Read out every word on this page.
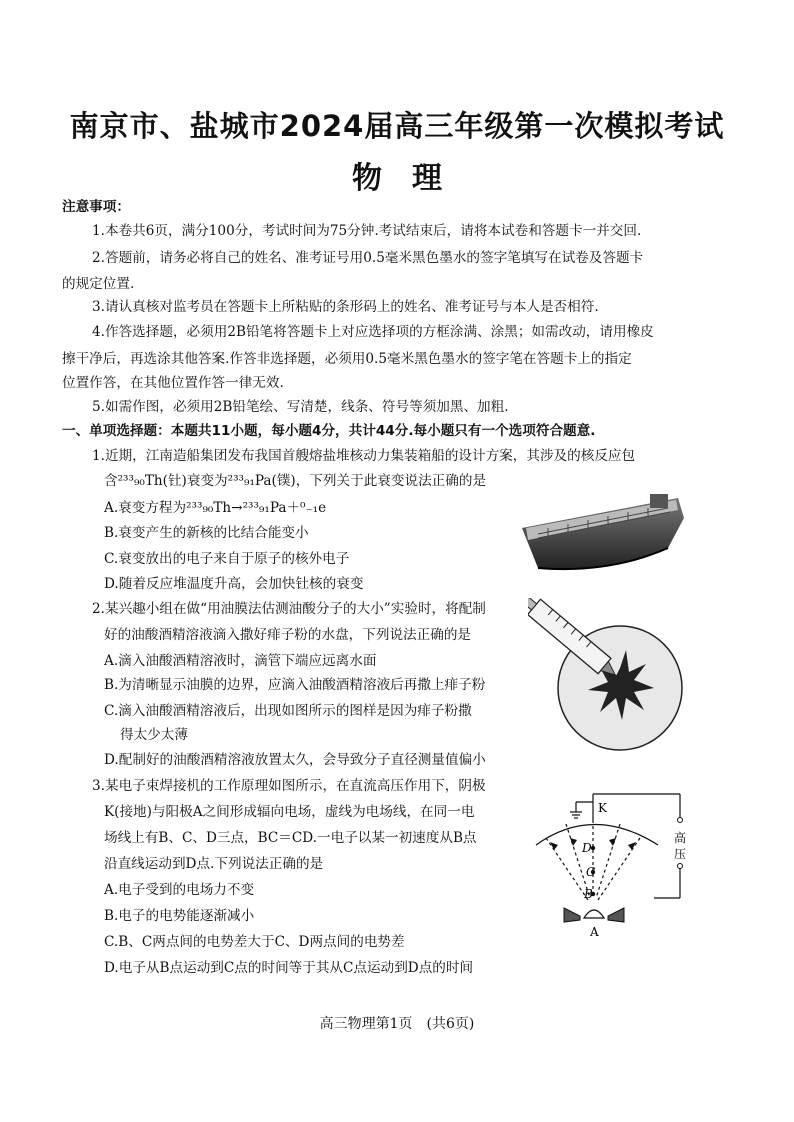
南京市、盐城市2024届高三年级第一次模拟考试
物理
注意事项：
1.本卷共6页，满分100分，考试时间为75分钟.考试结束后，请将本试卷和答题卡一并交回.
2.答题前，请务必将自己的姓名、准考证号用0.5毫米黑色墨水的签字笔填写在试卷及答题卡
的规定位置.
3.请认真核对监考员在答题卡上所粘贴的条形码上的姓名、准考证号与本人是否相符.
4.作答选择题，必须用2B铅笔将答题卡上对应选择项的方框涂满、涂黑；如需改动，请用橡皮
擦干净后，再选涂其他答案.作答非选择题，必须用0.5毫米黑色墨水的签字笔在答题卡上的指定
位置作答，在其他位置作答一律无效.
5.如需作图，必须用2B铅笔绘、写清楚，线条、符号等须加黑、加粗.
一、单项选择题：本题共11小题，每小题4分，共计44分.每小题只有一个选项符合题意.
1.近期，江南造船集团发布我国首艘熔盐堆核动力集装箱船的设计方案，其涉及的核反应包
含²³³₉₀Th(钍)衰变为²³³₉₁Pa(镤)，下列关于此衰变说法正确的是
A.衰变方程为²³³₉₀Th→²³³₉₁Pa＋⁰₋₁e
B.衰变产生的新核的比结合能变小
C.衰变放出的电子来自于原子的核外电子
D.随着反应堆温度升高，会加快钍核的衰变
2.某兴趣小组在做“用油膜法估测油酸分子的大小”实验时，将配制
好的油酸酒精溶液滴入撒好痱子粉的水盘，下列说法正确的是
A.滴入油酸酒精溶液时，滴管下端应远离水面
B.为清晰显示油膜的边界，应滴入油酸酒精溶液后再撒上痱子粉
C.滴入油酸酒精溶液后，出现如图所示的图样是因为痱子粉撒
得太少太薄
D.配制好的油酸酒精溶液放置太久，会导致分子直径测量值偏小
3.某电子束焊接机的工作原理如图所示，在直流高压作用下，阴极
K(接地)与阳极A之间形成辐向电场，虚线为电场线，在同一电
场线上有B、C、D三点，BC＝CD.一电子以某一初速度从B点
沿直线运动到D点.下列说法正确的是
A.电子受到的电场力不变
B.电子的电势能逐渐减小
C.B、C两点间的电势差大于C、D两点间的电势差
D.电子从B点运动到C点的时间等于其从C点运动到D点的时间
K
D
C
B
A
高
压
高三物理第1页　(共6页)
